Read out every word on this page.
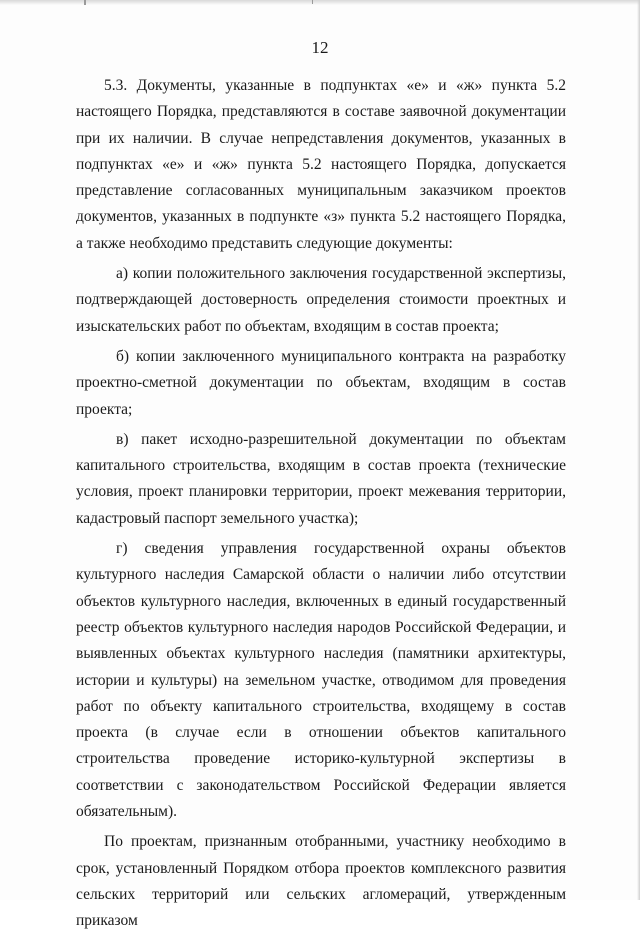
12

5.3. Документы, указанные в подпунктах «е» и «ж» пункта 5.2 настоящего Порядка, представляются в составе заявочной документации при их наличии. В случае непредставления документов, указанных в подпунктах «е» и «ж» пункта 5.2 настоящего Порядка, допускается представление согласованных муниципальным заказчиком проектов документов, указанных в подпункте «з» пункта 5.2 настоящего Порядка, а также необходимо представить следующие документы:

а) копии положительного заключения государственной экспертизы, подтверждающей достоверность определения стоимости проектных и изыскательских работ по объектам, входящим в состав проекта;

б) копии заключенного муниципального контракта на разработку проектно-сметной документации по объектам, входящим в состав проекта;

в) пакет исходно-разрешительной документации по объектам капитального строительства, входящим в состав проекта (технические условия, проект планировки территории, проект межевания территории, кадастровый паспорт земельного участка);

г) сведения управления государственной охраны объектов культурного наследия Самарской области о наличии либо отсутствии объектов культурного наследия, включенных в единый государственный реестр объектов культурного наследия народов Российской Федерации, и выявленных объектах культурного наследия (памятники архитектуры, истории и культуры) на земельном участке, отводимом для проведения работ по объекту капитального строительства, входящему в состав проекта (в случае если в отношении объектов капитального строительства проведение историко-культурной экспертизы в соответствии с законодательством Российской Федерации является обязательным).

По проектам, признанным отобранными, участнику необходимо в срок, установленный Порядком отбора проектов комплексного развития сельских территорий или сельских агломераций, утвержденным приказом
